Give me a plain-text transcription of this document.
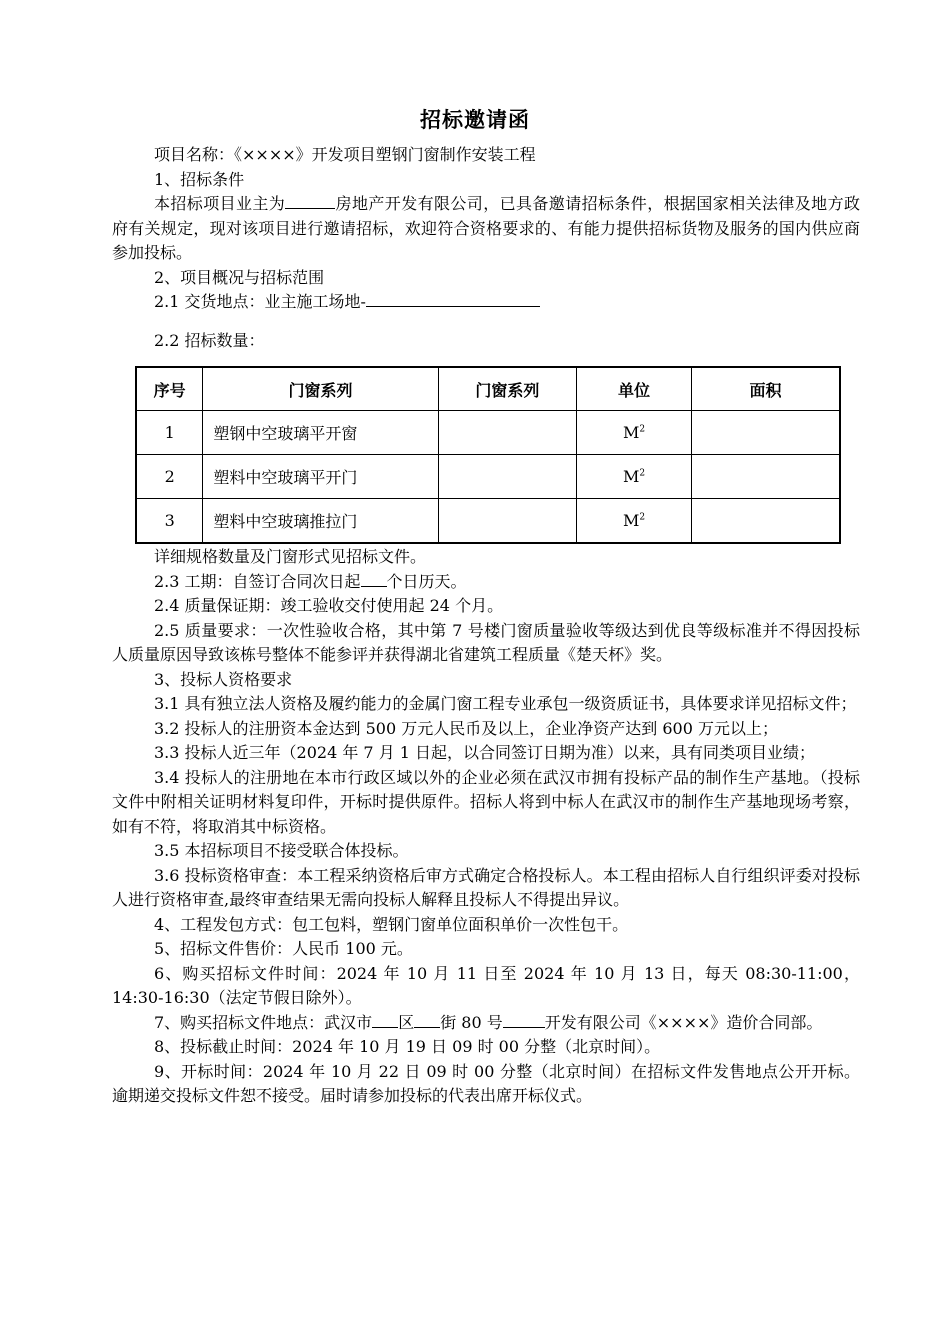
招标邀请函

项目名称：《××××》开发项目塑钢门窗制作安装工程

1、招标条件

本招标项目业主为	房地产开发有限公司，已具备邀请招标条件，根据国家相关法律及地方政府有关规定，现对该项目进行邀请招标，欢迎符合资格要求的、有能力提供招标货物及服务的国内供应商参加投标。

2、项目概况与招标范围

2.1 交货地点：业主施工场地-

2.2 招标数量：

序号	门窗系列	门窗系列	单位	面积
1	塑钢中空玻璃平开窗		$M^2$	
2	塑料中空玻璃平开门		$M^2$	
3	塑料中空玻璃推拉门		$M^2$	

详细规格数量及门窗形式见招标文件。

2.3 工期：自签订合同次日起 个日历天。

2.4 质量保证期：竣工验收交付使用起 24 个月。

2.5 质量要求：一次性验收合格，其中第 7 号楼门窗质量验收等级达到优良等级标准并不得因投标人质量原因导致该栋号整体不能参评并获得湖北省建筑工程质量《楚天杯》奖。

3、投标人资格要求

3.1 具有独立法人资格及履约能力的金属门窗工程专业承包一级资质证书，具体要求详见招标文件；

3.2 投标人的注册资本金达到 500 万元人民币及以上，企业净资产达到 600 万元以上；

3.3 投标人近三年（2024 年 7 月 1 日起，以合同签订日期为准）以来，具有同类项目业绩；

3.4 投标人的注册地在本市行政区域以外的企业必须在武汉市拥有投标产品的制作生产基地。（投标文件中附相关证明材料复印件，开标时提供原件。招标人将到中标人在武汉市的制作生产基地现场考察，如有不符，将取消其中标资格。

3.5 本招标项目不接受联合体投标。

3.6 投标资格审查：本工程采纳资格后审方式确定合格投标人。本工程由招标人自行组织评委对投标人进行资格审查,最终审查结果无需向投标人解释且投标人不得提出异议。

4、工程发包方式：包工包料，塑钢门窗单位面积单价一次性包干。

5、招标文件售价：人民币 100 元。

6、购买招标文件时间：2024 年 10 月 11 日至 2024 年 10 月 13 日，每天 08:30-11:00，14:30-16:30（法定节假日除外）。

7、购买招标文件地点：武汉市 区 街 80 号	开发有限公司《××××》造价合同部。

8、投标截止时间：2024 年 10 月 19 日 09 时 00 分整（北京时间）。

9、开标时间：2024 年 10 月 22 日 09 时 00 分整（北京时间）在招标文件发售地点公开开标。逾期递交投标文件恕不接受。届时请参加投标的代表出席开标仪式。
